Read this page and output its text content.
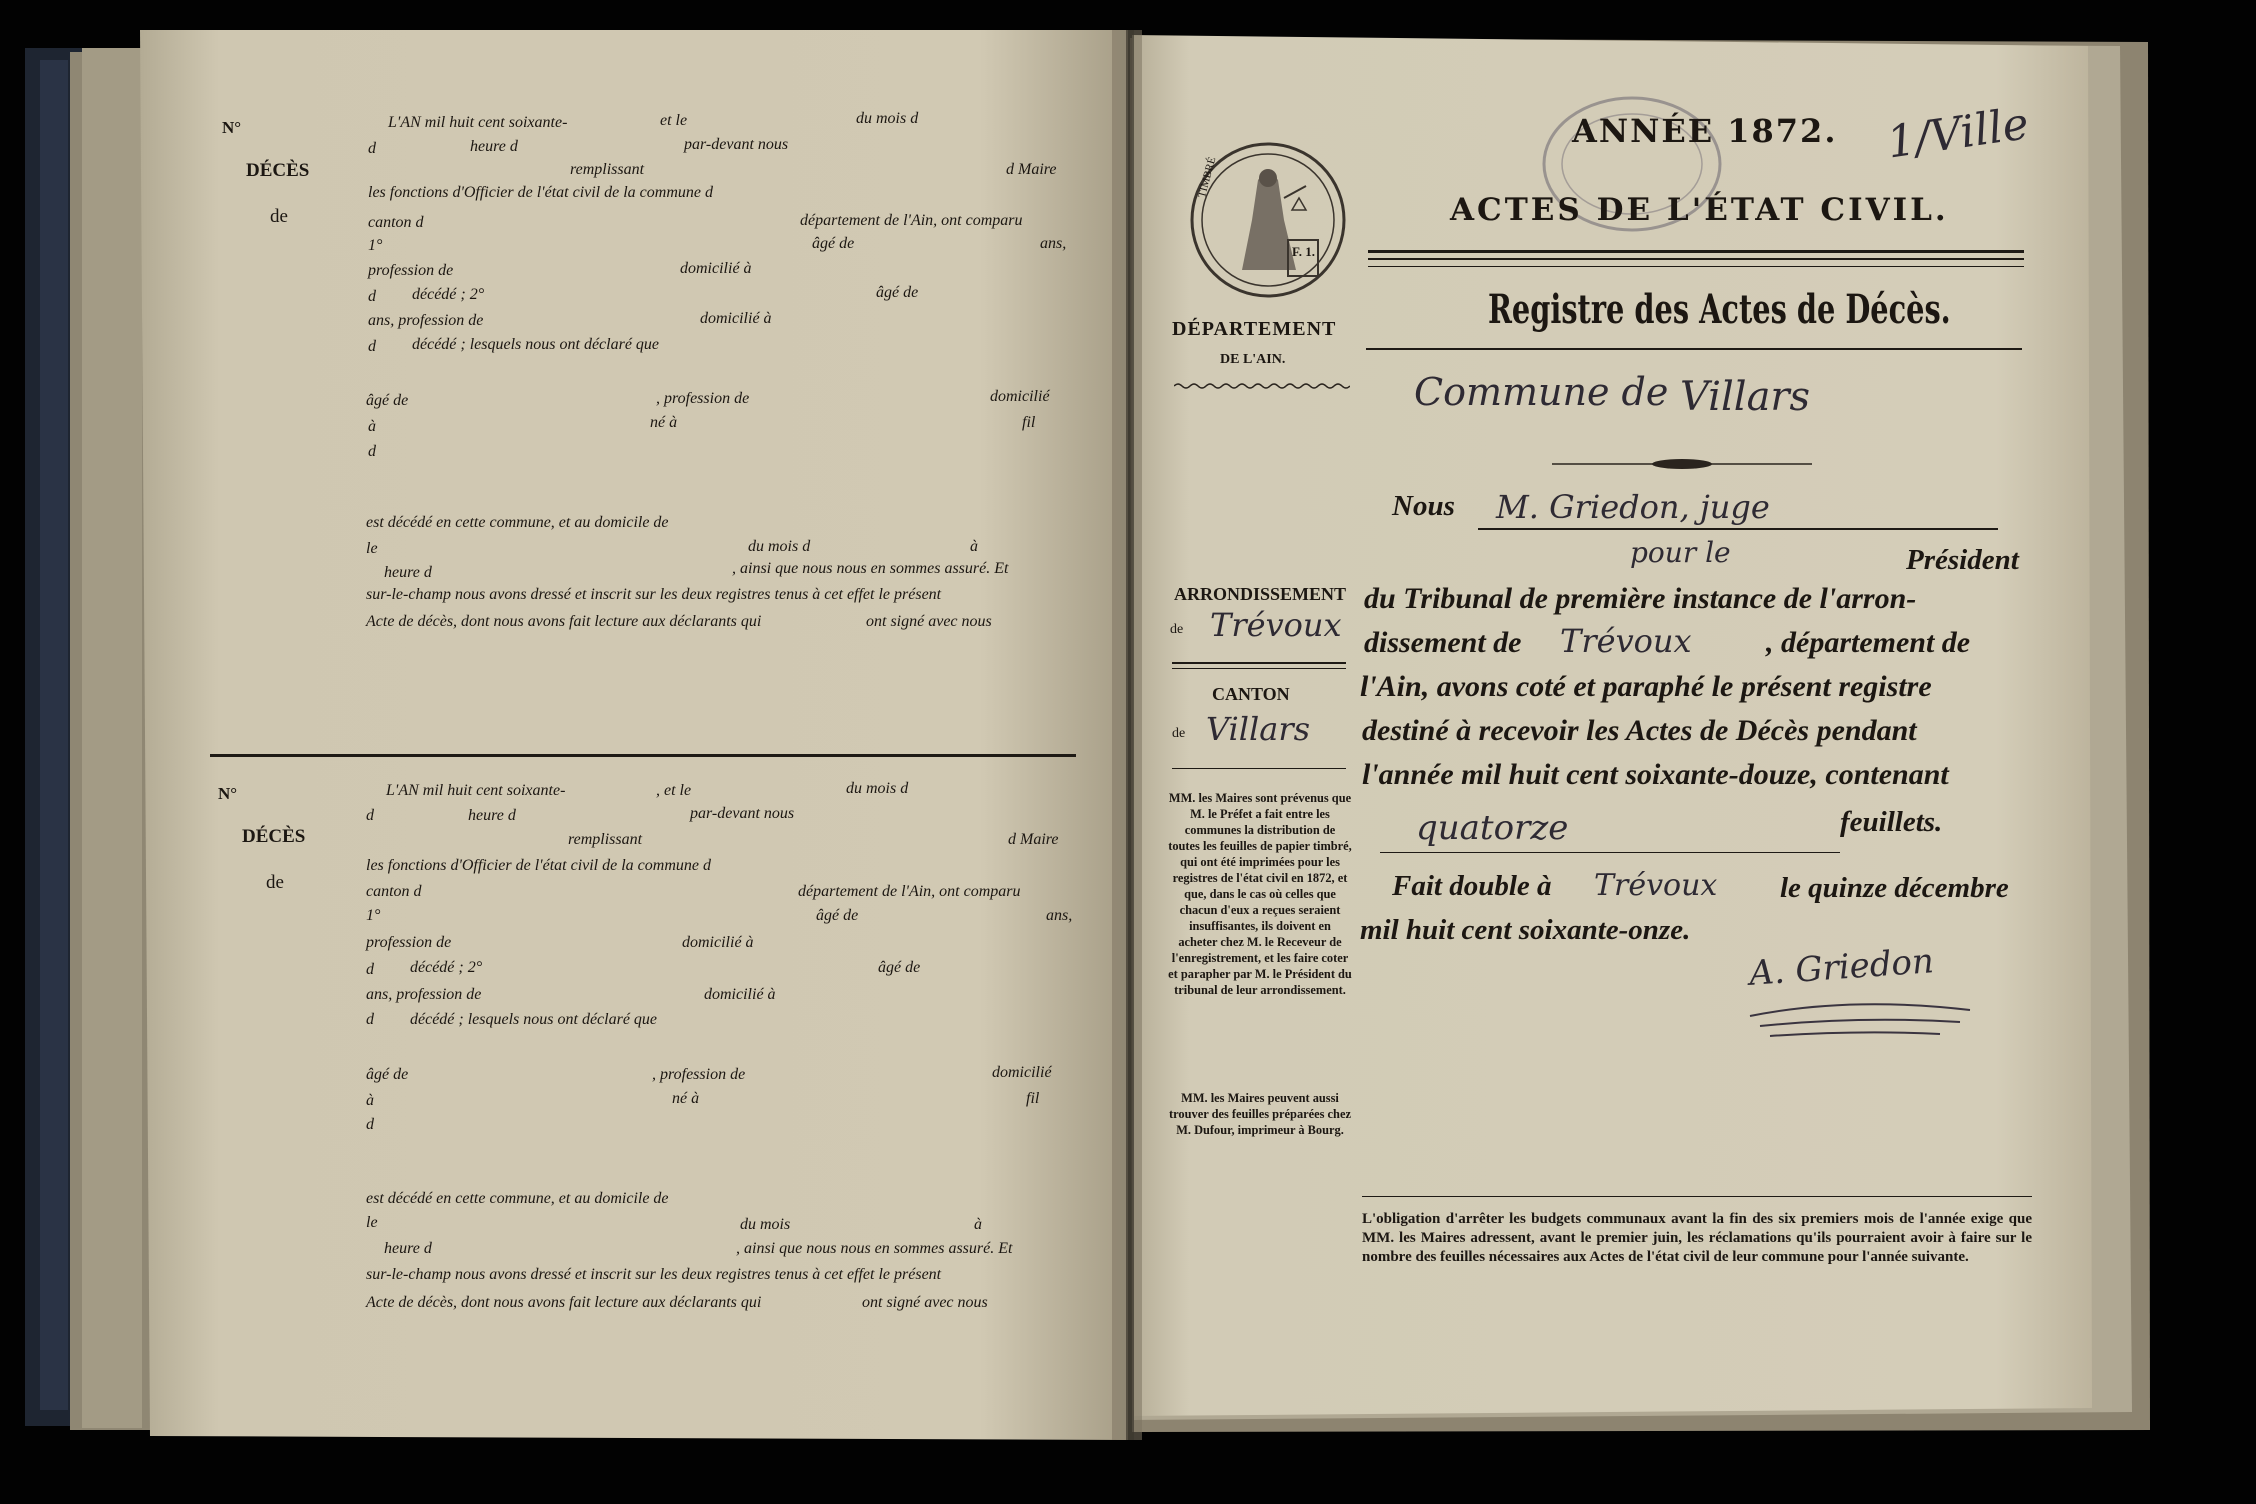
N°
DÉCÈS
de
L'AN mil huit cent soixante-	et le	du mois d
d	heure d	par-devant nous
remplissant	d Maire
les fonctions d'Officier de l'état civil de la commune d
canton d	département de l'Ain, ont comparu
1°	âgé de	ans,
profession de	domicilié à
d décédé ; 2°	âgé de
ans, profession de	domicilié à
d décédé ; lesquels nous ont déclaré que
âgé de	, profession de	domicilié
à	né à	fil
d
est décédé en cette commune, et au domicile de
le	du mois d	à
heure d	, ainsi que nous nous en sommes assuré. Et
sur-le-champ nous avons dressé et inscrit sur les deux registres tenus à cet effet le présent
Acte de décès, dont nous avons fait lecture aux déclarants qui	ont signé avec nous
N°
DÉCÈS
de
L'AN mil huit cent soixante-	, et le	du mois d
d	heure d	par-devant nous
remplissant	d Maire
les fonctions d'Officier de l'état civil de la commune d
canton d	département de l'Ain, ont comparu
1°	âgé de	ans,
profession de	domicilié à
d décédé ; 2°	âgé de
ans, profession de	domicilié à
d décédé ; lesquels nous ont déclaré que
âgé de	, profession de	domicilié
à	né à	fil
d
est décédé en cette commune, et au domicile de
le	du mois	à
heure d	, ainsi que nous nous en sommes assuré. Et
sur-le-champ nous avons dressé et inscrit sur les deux registres tenus à cet effet le présent
Acte de décès, dont nous avons fait lecture aux déclarants qui	ont signé avec nous
ANNÉE 1872.
ACTES DE L'ÉTAT CIVIL.
1/Ville
TIMBRÉ
F. 1.
DÉPARTEMENT
DE L'AIN.
Registre des Actes de Décès.
Commune de Villars
ARRONDISSEMENT
de Trévoux
CANTON
de Villars
MM. les Maires sont prévenus que M. le Préfet a fait entre les communes la distribution de toutes les feuilles de papier timbré, qui ont été imprimées pour les registres de l'état civil en 1872, et que, dans le cas où celles que chacun d'eux a reçues seraient insuffisantes, ils doivent en acheter chez M. le Receveur de l'enregistrement, et les faire coter et parapher par M. le Président du tribunal de leur arrondissement.
MM. les Maires peuvent aussi trouver des feuilles préparées chez M. Dufour, imprimeur à Bourg.
Nous M. Griedon, juge
pour le	Président
du Tribunal de première instance de l'arron-
dissement de Trévoux , département de
l'Ain, avons coté et paraphé le présent registre
destiné à recevoir les Actes de Décès pendant
l'année mil huit cent soixante-douze, contenant
quatorze	feuillets.
Fait double à Trévoux le quinze décembre
mil huit cent soixante-onze.
A. Griedon
L'obligation d'arrêter les budgets communaux avant la fin des six premiers mois de l'année exige que MM. les Maires adressent, avant le premier juin, les réclamations qu'ils pourraient avoir à faire sur le nombre des feuilles nécessaires aux Actes de l'état civil de leur commune pour l'année suivante.
